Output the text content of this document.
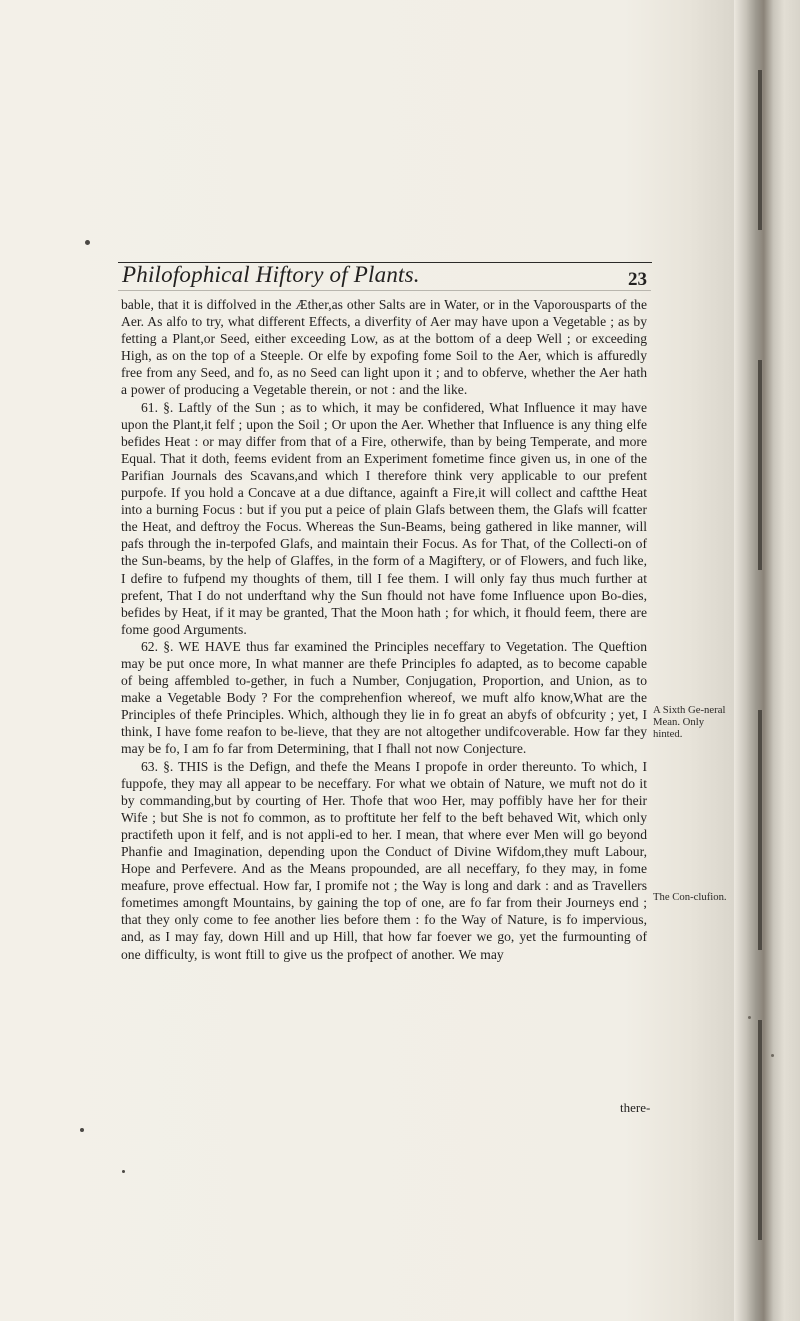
Philofophical Hiftory of Plants.	23

bable, that it is diffolved in the Æther,as other Salts are in Water, or in the Vaporousparts of the Aer. As alfo to try, what different Effects, a diverfity of Aer may have upon a Vegetable ; as by fetting a Plant,or Seed, either exceeding Low, as at the bottom of a deep Well ; or exceeding High, as on the top of a Steeple. Or elfe by expofing fome Soil to the Aer, which is affuredly free from any Seed, and fo, as no Seed can light upon it ; and to obferve, whether the Aer hath a power of producing a Vegetable therein, or not : and the like.

61. §. Laftly of the Sun ; as to which, it may be confidered, What Influence it may have upon the Plant,it felf ; upon the Soil ; Or upon the Aer. Whether that Influence is any thing elfe befides Heat : or may differ from that of a Fire, otherwife, than by being Temperate, and more Equal. That it doth, feems evident from an Experiment fometime fince given us, in one of the Parifian Journals des Scavans,and which I therefore think very applicable to our prefent purpofe. If you hold a Concave at a due diftance, againft a Fire,it will collect and caftthe Heat into a burning Focus : but if you put a peice of plain Glafs between them, the Glafs will fcatter the Heat, and deftroy the Focus. Whereas the Sun-Beams, being gathered in like manner, will pafs through the in-terpofed Glafs, and maintain their Focus. As for That, of the Collecti-on of the Sun-beams, by the help of Glaffes, in the form of a Magiftery, or of Flowers, and fuch like, I defire to fufpend my thoughts of them, till I fee them. I will only fay thus much further at prefent, That I do not underftand why the Sun fhould not have fome Influence upon Bo-dies, befides by Heat, if it may be granted, That the Moon hath ; for which, it fhould feem, there are fome good Arguments.

62. §. WE HAVE thus far examined the Principles neceffary to Vegetation. The Queftion may be put once more, In what manner are thefe Principles fo adapted, as to become capable of being affembled to-gether, in fuch a Number, Conjugation, Proportion, and Union, as to make a Vegetable Body ? For the comprehenfion whereof, we muft alfo know,What are the Principles of thefe Principles. Which, although they lie in fo great an abyfs of obfcurity ; yet, I think, I have fome reafon to be-lieve, that they are not altogether undifcoverable. How far they may be fo, I am fo far from Determining, that I fhall not now Conjecture.

63. §. THIS is the Defign, and thefe the Means I propofe in order thereunto. To which, I fuppofe, they may all appear to be neceffary. For what we obtain of Nature, we muft not do it by commanding,but by courting of Her. Thofe that woo Her, may poffibly have her for their Wife ; but She is not fo common, as to proftitute her felf to the beft behaved Wit, which only practifeth upon it felf, and is not appli-ed to her. I mean, that where ever Men will go beyond Phanfie and Imagination, depending upon the Conduct of Divine Wifdom,they muft Labour, Hope and Perfevere. And as the Means propounded, are all neceffary, fo they may, in fome meafure, prove effectual. How far, I promife not ; the Way is long and dark : and as Travellers fometimes amongft Mountains, by gaining the top of one, are fo far from their Journeys end ; that they only come to fee another lies before them : fo the Way of Nature, is fo impervious, and, as I may fay, down Hill and up Hill, that how far foever we go, yet the furmounting of one difficulty, is wont ftill to give us the profpect of another. We may

A Sixth Ge-neral Mean. Only hinted.
The Con-clufion.
there-
